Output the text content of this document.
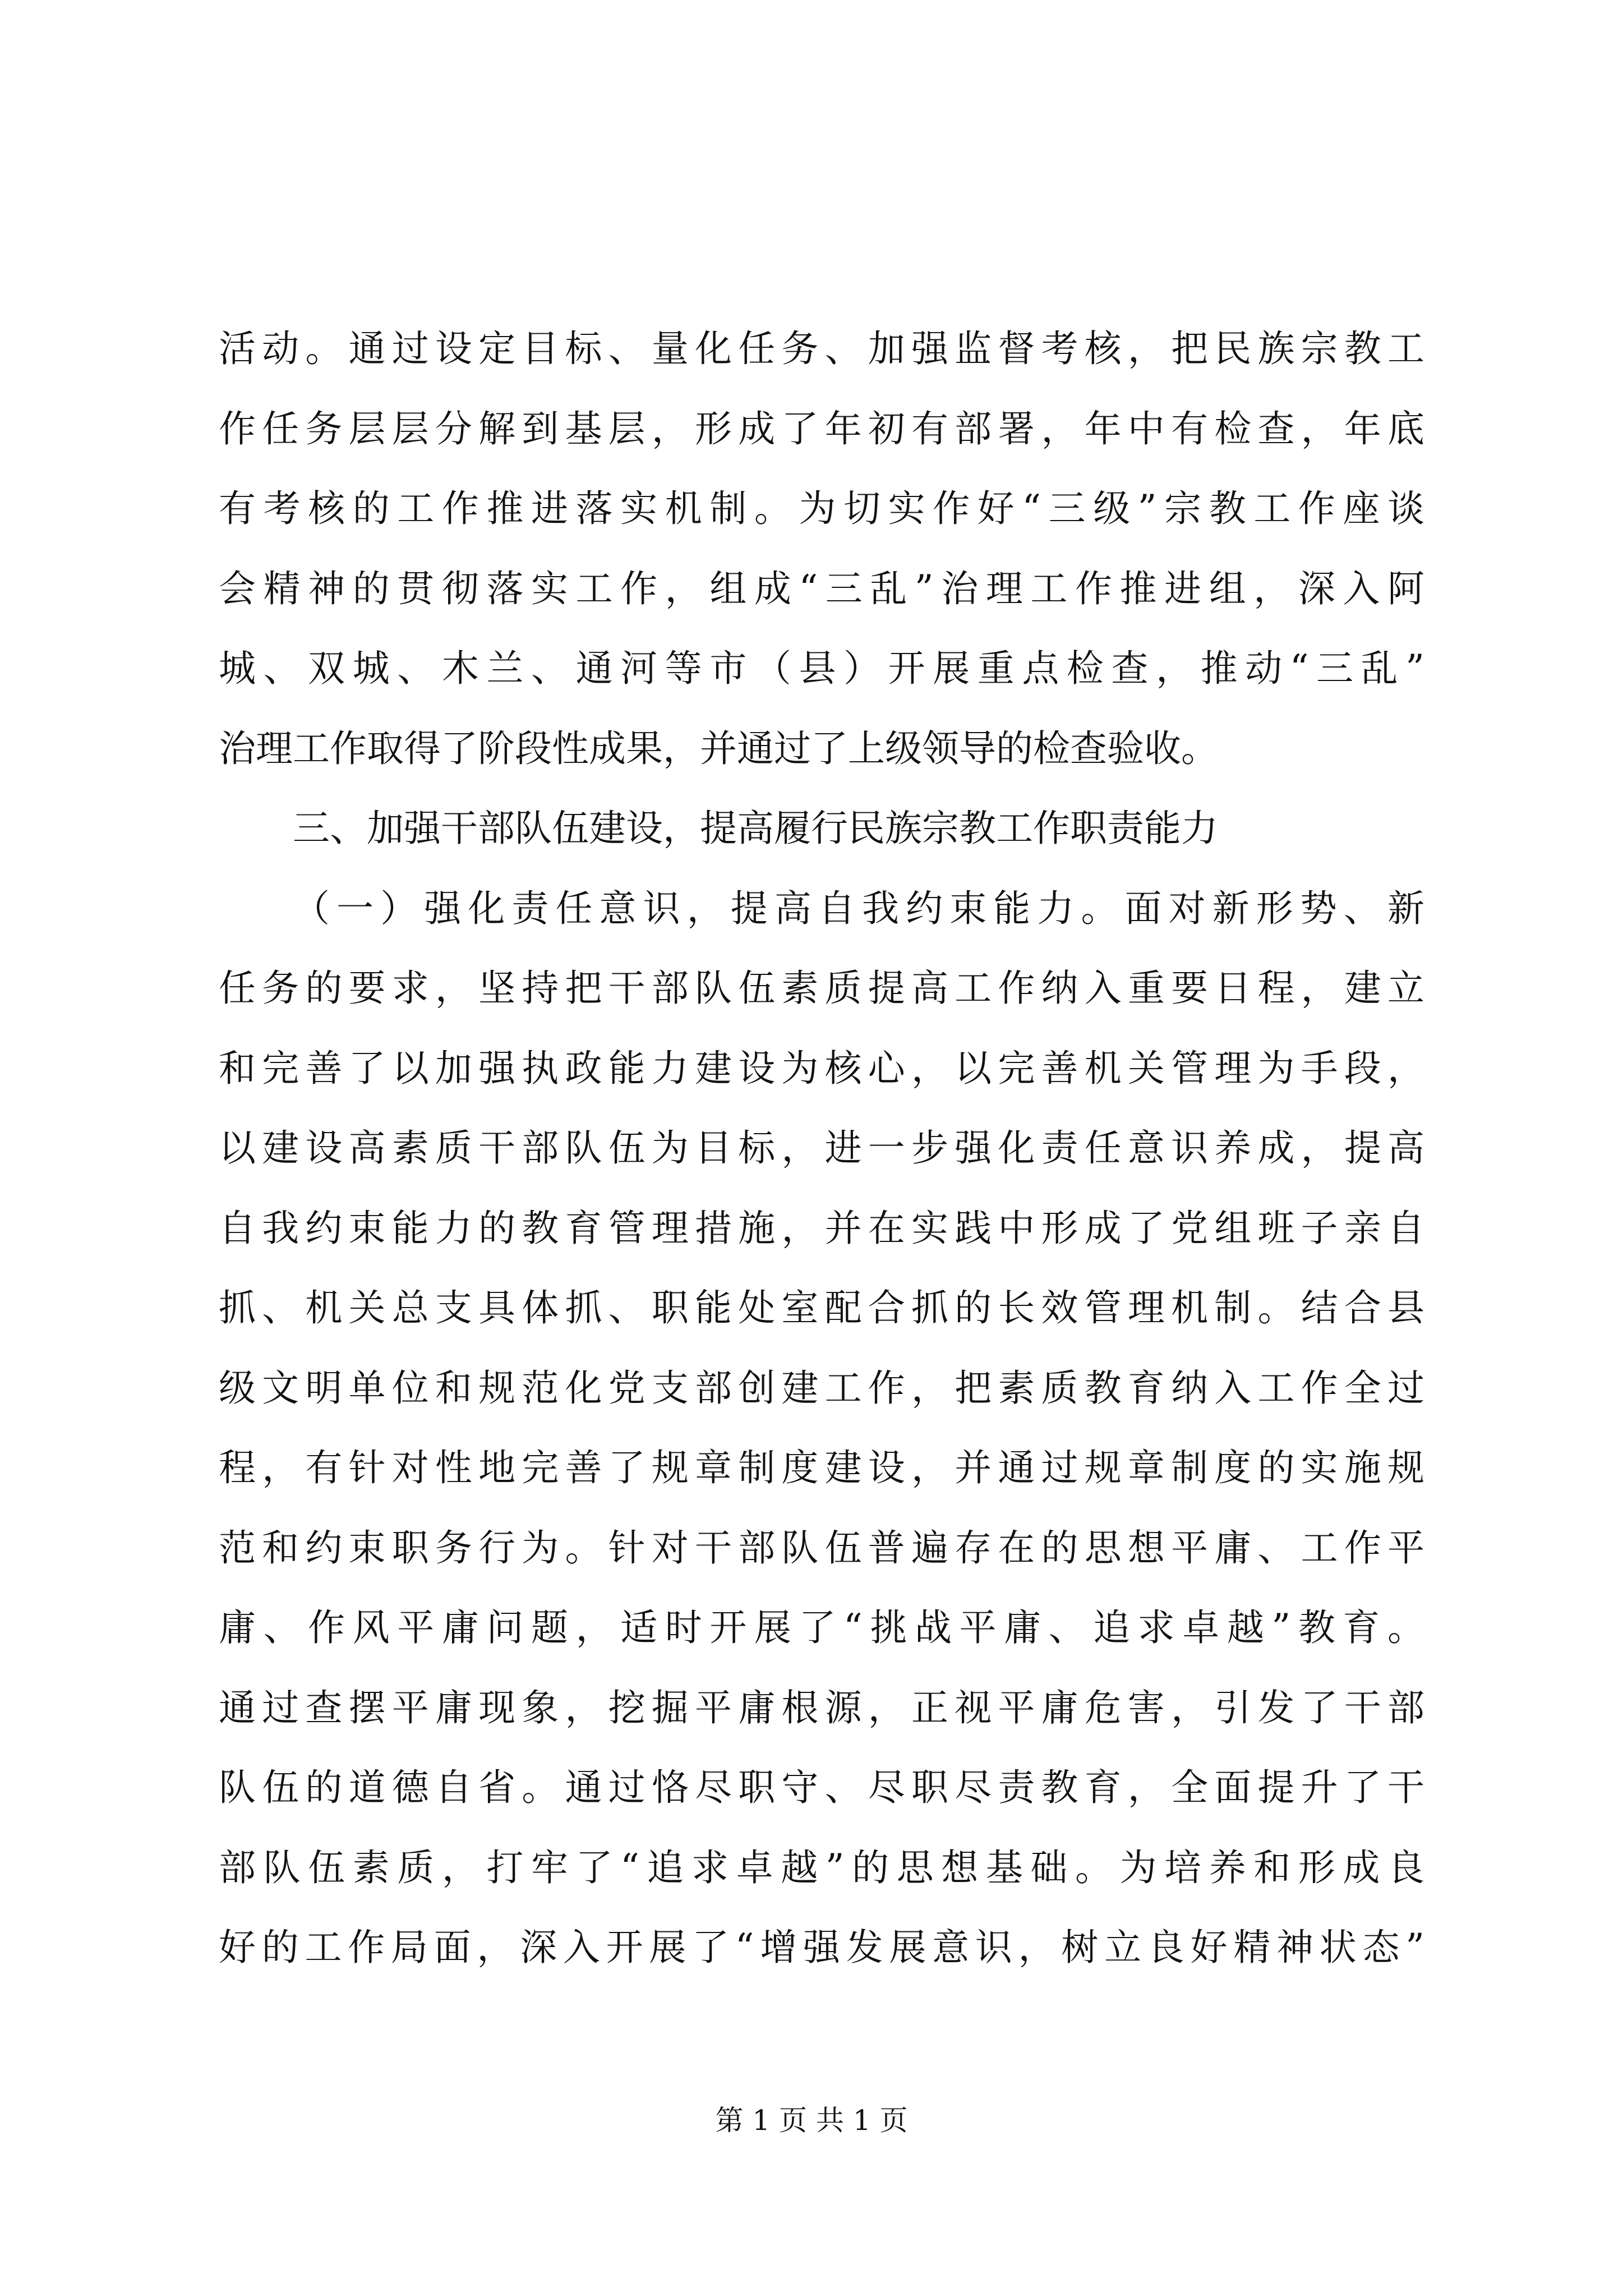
活动。通过设定目标、量化任务、加强监督考核，把民族宗教工
作任务层层分解到基层，形成了年初有部署，年中有检查，年底
有考核的工作推进落实机制。为切实作好“三级”宗教工作座谈
会精神的贯彻落实工作，组成“三乱”治理工作推进组，深入阿
城、双城、木兰、通河等市（县）开展重点检查，推动“三乱”
治理工作取得了阶段性成果，并通过了上级领导的检查验收。
三、加强干部队伍建设，提高履行民族宗教工作职责能力
（一）强化责任意识，提高自我约束能力。面对新形势、新
任务的要求，坚持把干部队伍素质提高工作纳入重要日程，建立
和完善了以加强执政能力建设为核心，以完善机关管理为手段，
以建设高素质干部队伍为目标，进一步强化责任意识养成，提高
自我约束能力的教育管理措施，并在实践中形成了党组班子亲自
抓、机关总支具体抓、职能处室配合抓的长效管理机制。结合县
级文明单位和规范化党支部创建工作，把素质教育纳入工作全过
程，有针对性地完善了规章制度建设，并通过规章制度的实施规
范和约束职务行为。针对干部队伍普遍存在的思想平庸、工作平
庸、作风平庸问题，适时开展了“挑战平庸、追求卓越”教育。
通过查摆平庸现象，挖掘平庸根源，正视平庸危害，引发了干部
队伍的道德自省。通过恪尽职守、尽职尽责教育，全面提升了干
部队伍素质，打牢了“追求卓越”的思想基础。为培养和形成良
好的工作局面，深入开展了“增强发展意识，树立良好精神状态”
第 1 页 共 1 页
